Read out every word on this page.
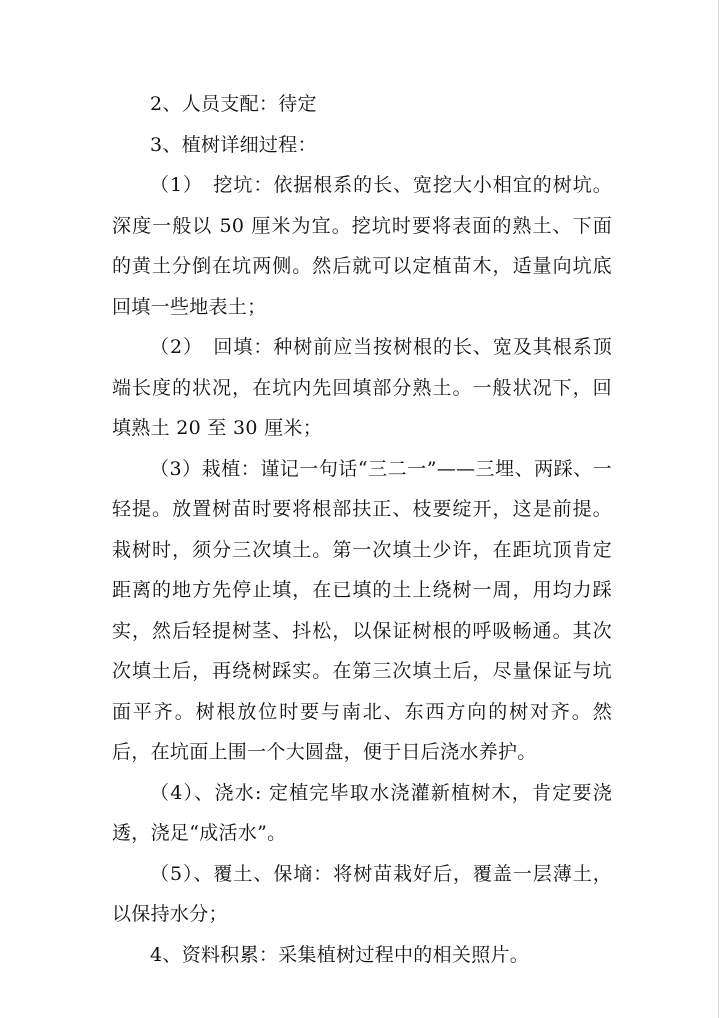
2、人员支配：待定

3、植树详细过程：

（1）　挖坑：依据根系的长、宽挖大小相宜的树坑。深度一般以 50 厘米为宜。挖坑时要将表面的熟土、下面的黄土分倒在坑两侧。然后就可以定植苗木，适量向坑底回填一些地表土；

（2）　回填：种树前应当按树根的长、宽及其根系顶端长度的状况，在坑内先回填部分熟土。一般状况下，回填熟土 20 至 30 厘米；

（3）栽植：谨记一句话“三二一”——三埋、两踩、一轻提。放置树苗时要将根部扶正、枝要绽开，这是前提。栽树时，须分三次填土。第一次填土少许，在距坑顶肯定距离的地方先停止填，在已填的土上绕树一周，用均力踩实，然后轻提树茎、抖松，以保证树根的呼吸畅通。其次次填土后，再绕树踩实。在第三次填土后，尽量保证与坑面平齐。树根放位时要与南北、东西方向的树对齐。然后，在坑面上围一个大圆盘，便于日后浇水养护。

（4）、浇水: 定植完毕取水浇灌新植树木，肯定要浇透，浇足“成活水”。

（5）、覆土、保墒：将树苗栽好后，覆盖一层薄土，以保持水分；

4、资料积累：采集植树过程中的相关照片。
